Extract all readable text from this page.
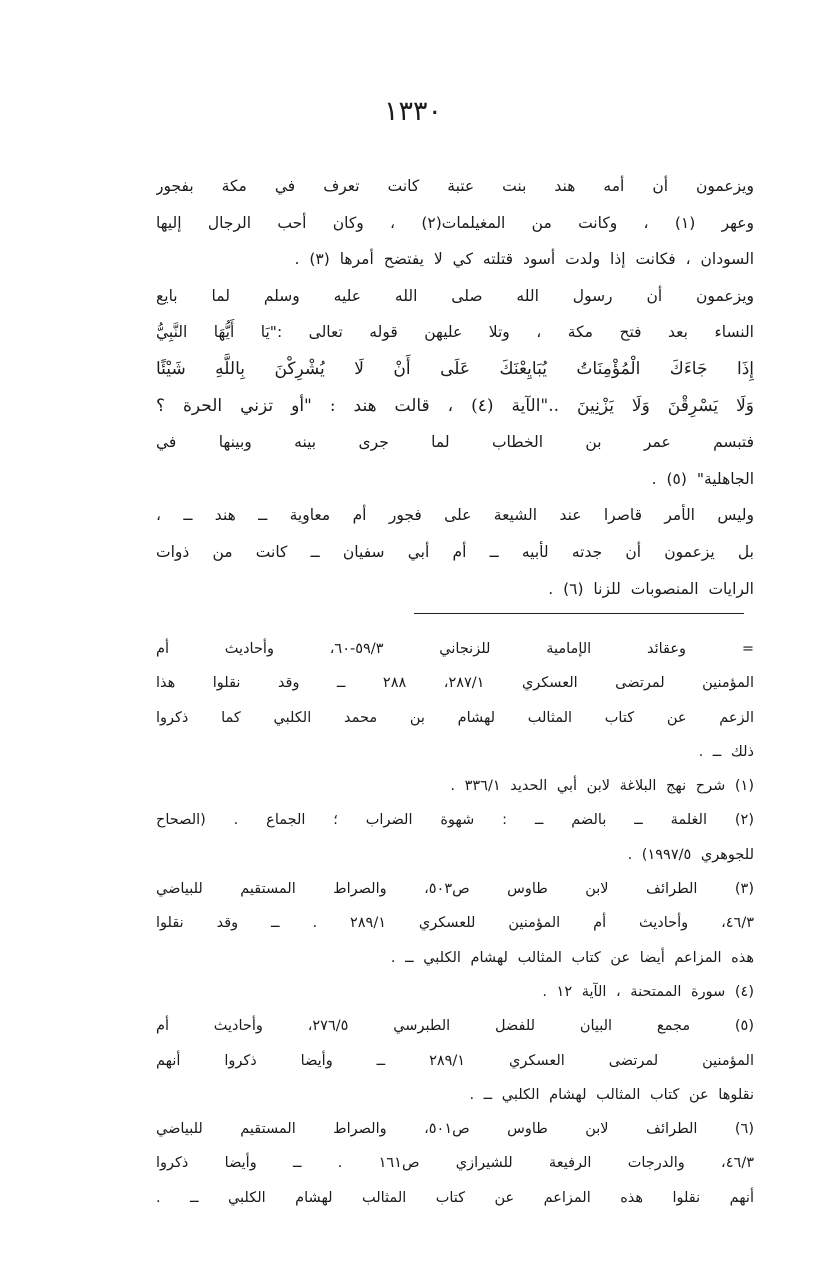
١٣٣٠
ويزعمون أن أمه هند بنت عتبة كانت تعرف في مكة بفجور
وعهر (١) ، وكانت من المغيلمات(٢) ، وكان أحب الرجال إليها
السودان ، فكانت إذا ولدت أسود قتلته كي لا يفتضح أمرها (٣) .
ويزعمون أن رسول الله صلى الله عليه وسلم لما بايع
النساء بعد فتح مكة ، وتلا عليهن قوله تعالى :"يَا أَيُّهَا النَّبِيُّ
إِذَا جَاءَكَ الْمُؤْمِنَاتُ يُبَايِعْنَكَ عَلَى أَنْ لَا يُشْرِكْنَ بِاللَّهِ شَيْئًا
وَلَا يَسْرِقْنَ وَلَا يَزْنِينَ .."الآية (٤) ، قالت هند : "أو تزني الحرة ؟
فتبسم عمر بن الخطاب لما جرى بينه وبينها في
الجاهلية" (٥) .
وليس الأمر قاصرا عند الشيعة على فجور أم معاوية ــ هند ــ ،
بل يزعمون أن جدته لأبيه ــ أم أبي سفيان ــ كانت من ذوات
الرايات المنصوبات للزنا (٦) .
= وعقائد الإمامية للزنجاني ٥٩/٣-٦٠، وأحاديث أم
المؤمنين لمرتضى العسكري ٢٨٧/١، ٢٨٨ ــ وقد نقلوا هذا
الزعم عن كتاب المثالب لهشام بن محمد الكلبي كما ذكروا
ذلك ــ .
(١) شرح نهج البلاغة لابن أبي الحديد ٣٣٦/١ .
(٢) الغلمة ــ بالضم ــ : شهوة الضراب ؛ الجماع . (الصحاح
للجوهري ١٩٩٧/٥) .
(٣) الطرائف لابن طاوس ص٥٠٣، والصراط المستقيم للبياضي
٤٦/٣، وأحاديث أم المؤمنين للعسكري ٢٨٩/١ . ــ وقد نقلوا
هذه المزاعم أيضا عن كتاب المثالب لهشام الكلبي ــ .
(٤) سورة الممتحنة ، الآية ١٢ .
(٥) مجمع البيان للفضل الطبرسي ٢٧٦/٥، وأحاديث أم
المؤمنين لمرتضى العسكري ٢٨٩/١ ــ وأيضا ذكروا أنهم
نقلوها عن كتاب المثالب لهشام الكلبي ــ .
(٦) الطرائف لابن طاوس ص٥٠١، والصراط المستقيم للبياضي
٤٦/٣، والدرجات الرفيعة للشيرازي ص١٦١ . ــ وأيضا ذكروا
أنهم نقلوا هذه المزاعم عن كتاب المثالب لهشام الكلبي ــ .
